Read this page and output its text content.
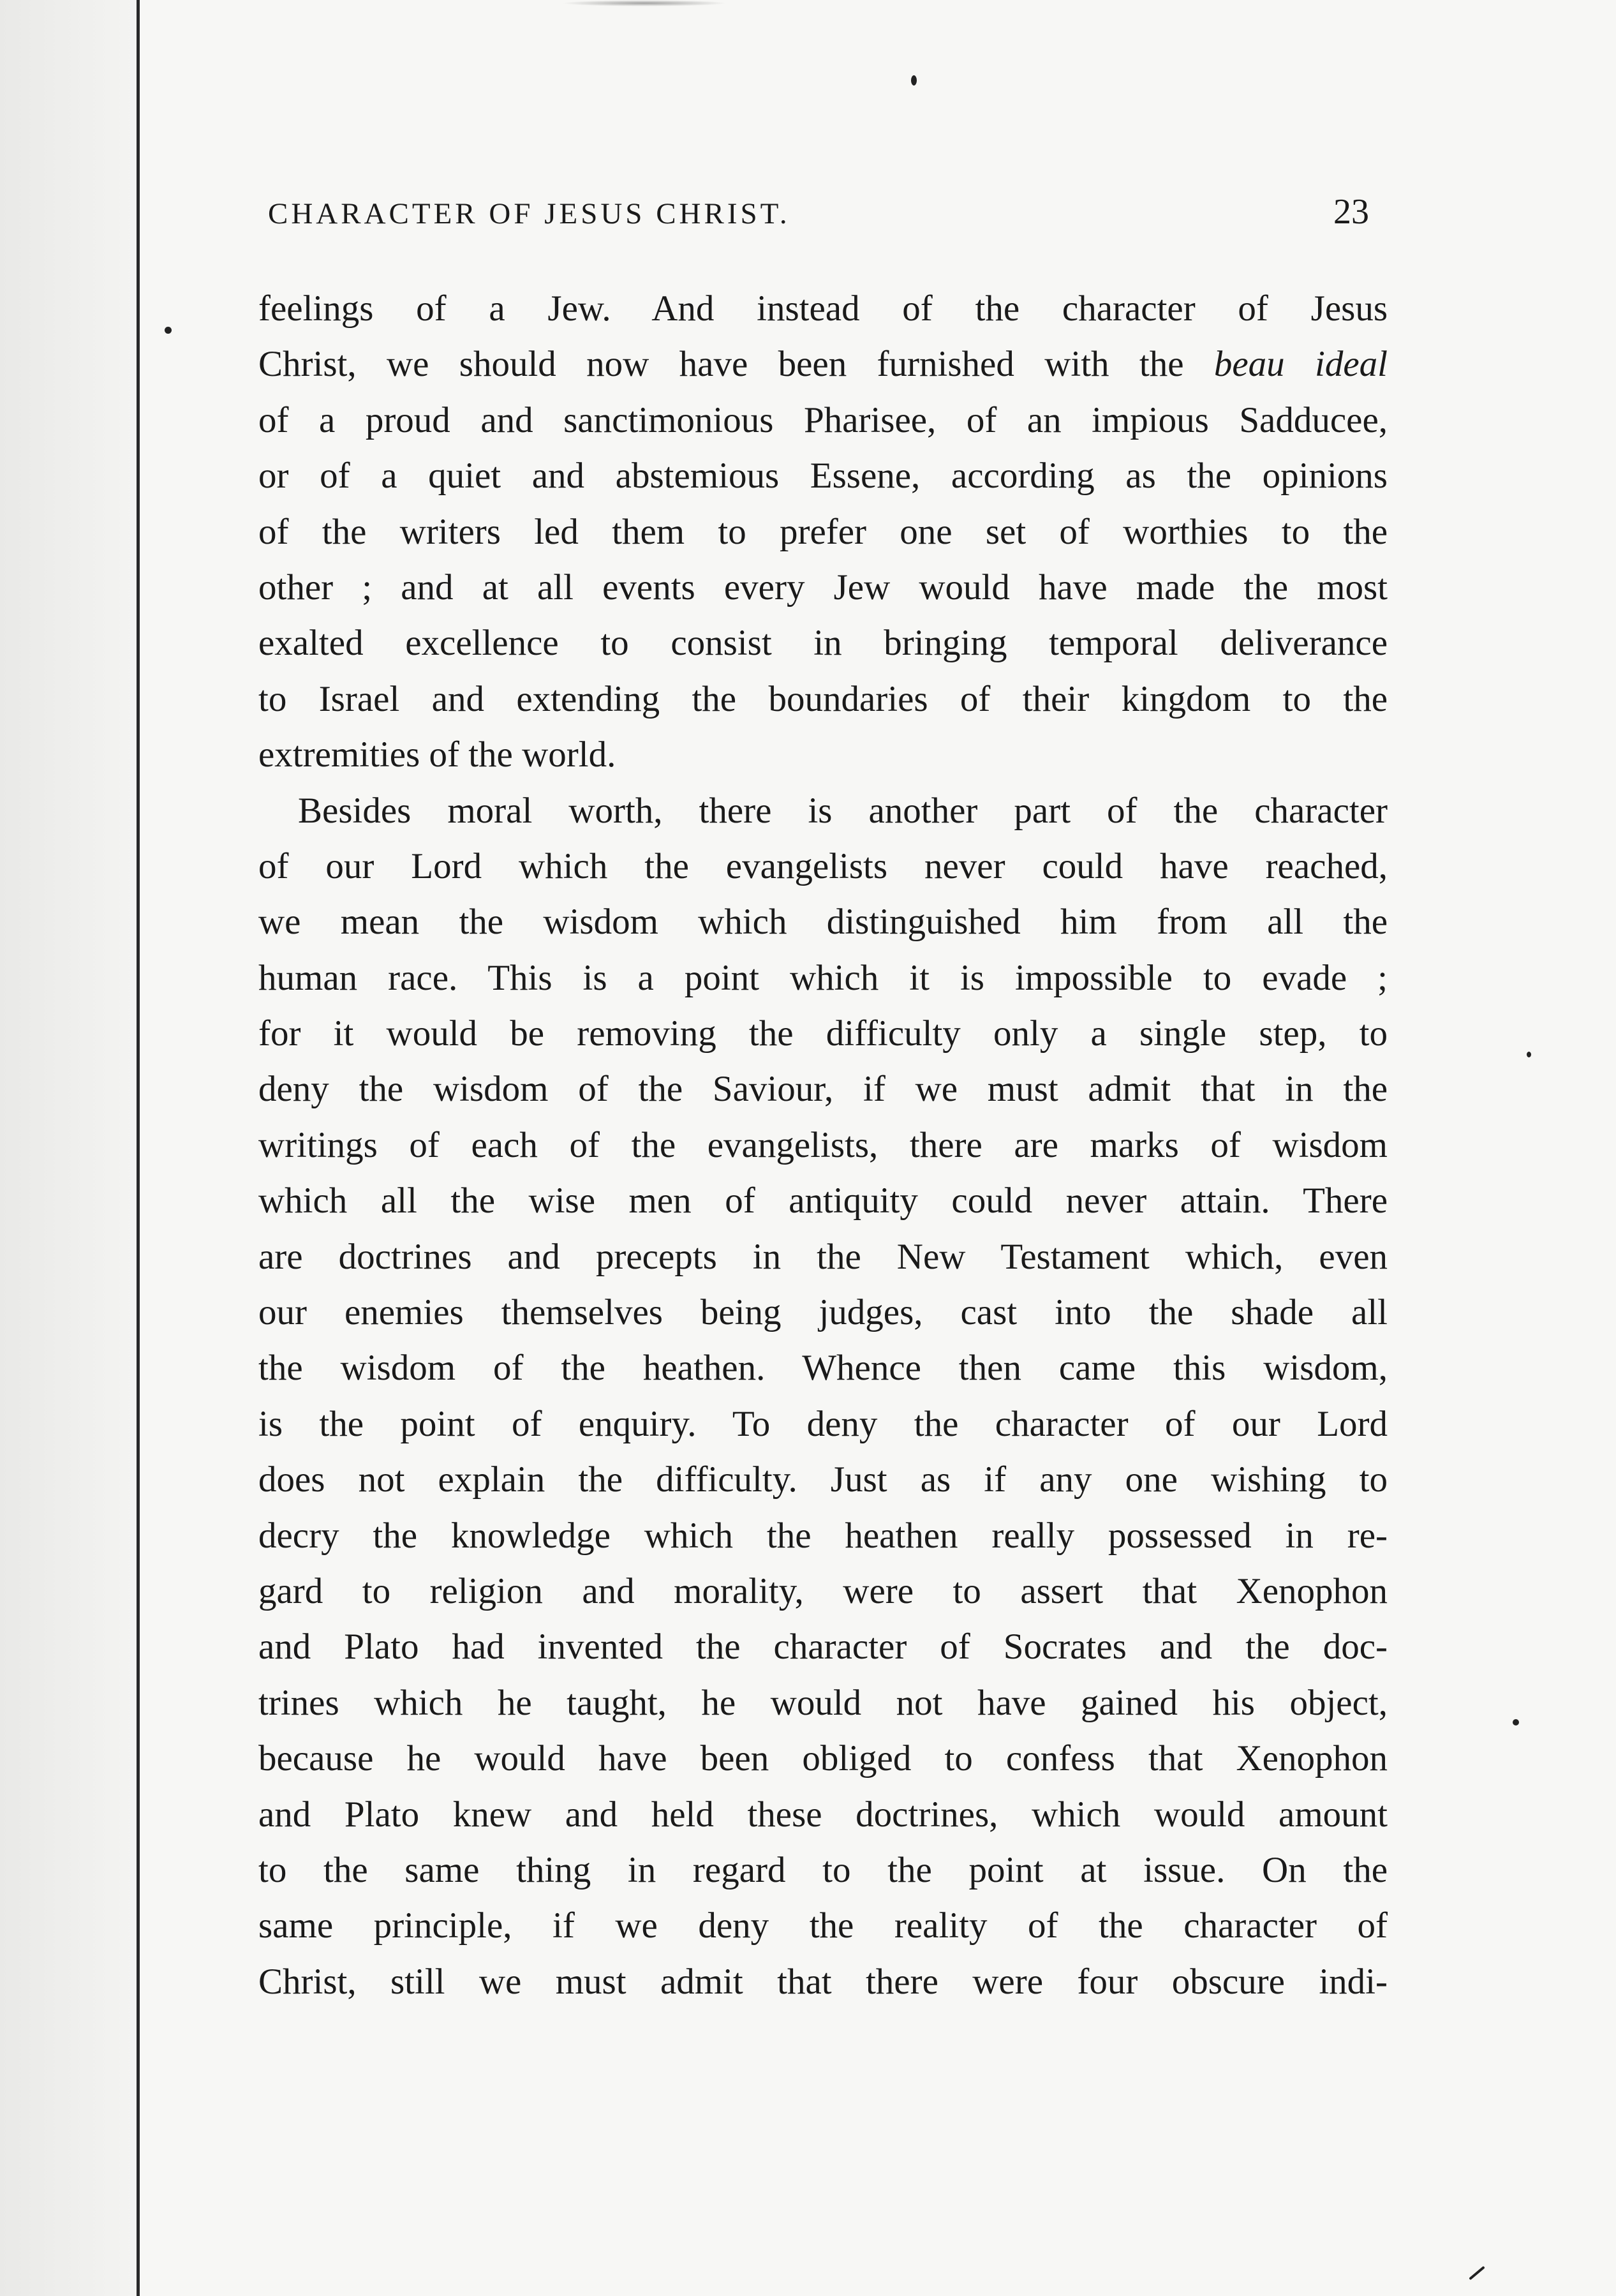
CHARACTER OF JESUS CHRIST.	23
feelings of a Jew. And instead of the character of Jesus
Christ, we should now have been furnished with the beau ideal
of a proud and sanctimonious Pharisee, of an impious Sadducee,
or of a quiet and abstemious Essene, according as the opinions
of the writers led them to prefer one set of worthies to the
other ; and at all events every Jew would have made the most
exalted excellence to consist in bringing temporal deliverance
to Israel and extending the boundaries of their kingdom to the
extremities of the world.
Besides moral worth, there is another part of the character
of our Lord which the evangelists never could have reached,
we mean the wisdom which distinguished him from all the
human race. This is a point which it is impossible to evade ;
for it would be removing the difficulty only a single step, to
deny the wisdom of the Saviour, if we must admit that in the
writings of each of the evangelists, there are marks of wisdom
which all the wise men of antiquity could never attain. There
are doctrines and precepts in the New Testament which, even
our enemies themselves being judges, cast into the shade all
the wisdom of the heathen. Whence then came this wisdom,
is the point of enquiry. To deny the character of our Lord
does not explain the difficulty. Just as if any one wishing to
decry the knowledge which the heathen really possessed in re-
gard to religion and morality, were to assert that Xenophon
and Plato had invented the character of Socrates and the doc-
trines which he taught, he would not have gained his object,
because he would have been obliged to confess that Xenophon
and Plato knew and held these doctrines, which would amount
to the same thing in regard to the point at issue. On the
same principle, if we deny the reality of the character of
Christ, still we must admit that there were four obscure indi-
